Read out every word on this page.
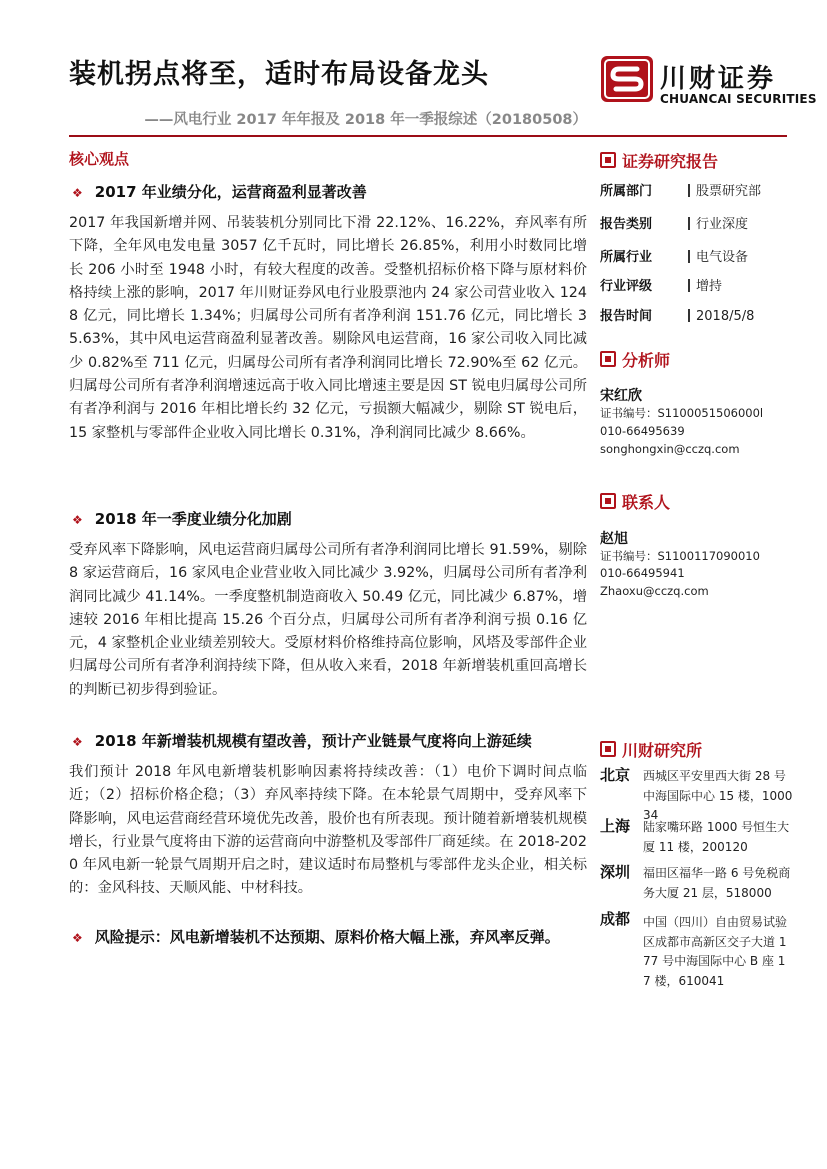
装机拐点将至，适时布局设备龙头
——风电行业 2017 年年报及 2018 年一季报综述（20180508）
川财证券
CHUANCAI SECURITIES
核心观点
❖ 2017 年业绩分化，运营商盈利显著改善

2017 年我国新增并网、吊装装机分别同比下滑 22.12%、16.22%，弃风率有所下降，全年风电发电量 3057 亿千瓦时，同比增长 26.85%，利用小时数同比增长 206 小时至 1948 小时，有较大程度的改善。受整机招标价格下降与原材料价格持续上涨的影响，2017 年川财证券风电行业股票池内 24 家公司营业收入 1248 亿元，同比增长 1.34%；归属母公司所有者净利润 151.76 亿元，同比增长 35.63%，其中风电运营商盈利显著改善。剔除风电运营商，16 家公司收入同比减少 0.82%至 711 亿元，归属母公司所有者净利润同比增长 72.90%至 62 亿元。归属母公司所有者净利润增速远高于收入同比增速主要是因 ST 锐电归属母公司所有者净利润与 2016 年相比增长约 32 亿元，亏损额大幅减少，剔除 ST 锐电后，15 家整机与零部件企业收入同比增长 0.31%，净利润同比减少 8.66%。

❖ 2018 年一季度业绩分化加剧

受弃风率下降影响，风电运营商归属母公司所有者净利润同比增长 91.59%，剔除 8 家运营商后，16 家风电企业营业收入同比减少 3.92%，归属母公司所有者净利润同比减少 41.14%。一季度整机制造商收入 50.49 亿元，同比减少 6.87%，增速较 2016 年相比提高 15.26 个百分点，归属母公司所有者净利润亏损 0.16 亿元，4 家整机企业业绩差别较大。受原材料价格维持高位影响，风塔及零部件企业归属母公司所有者净利润持续下降，但从收入来看，2018 年新增装机重回高增长的判断已初步得到验证。

❖ 2018 年新增装机规模有望改善，预计产业链景气度将向上游延续

我们预计 2018 年风电新增装机影响因素将持续改善：（1）电价下调时间点临近；（2）招标价格企稳；（3）弃风率持续下降。在本轮景气周期中，受弃风率下降影响，风电运营商经营环境优先改善，股价也有所表现。预计随着新增装机规模增长，行业景气度将由下游的运营商向中游整机及零部件厂商延续。在 2018-2020 年风电新一轮景气周期开启之时，建议适时布局整机与零部件龙头企业，相关标的：金风科技、天顺风能、中材科技。

❖ 风险提示：风电新增装机不达预期、原料价格大幅上涨，弃风率反弹。
证券研究报告
所属部门	股票研究部
报告类别	行业深度
所属行业	电气设备
行业评级	增持
报告时间	2018/5/8
分析师
宋红欣
证书编号：S1100051506000l
010-66495639
songhongxin@cczq.com
联系人
赵旭
证书编号：S1100117090010
010-66495941
Zhaoxu@cczq.com
川财研究所
北京 西城区平安里西大街 28 号中海国际中心 15 楼，100034
上海 陆家嘴环路 1000 号恒生大厦 11 楼，200120
深圳 福田区福华一路 6 号免税商务大厦 21 层，518000
成都 中国（四川）自由贸易试验区成都市高新区交子大道 177 号中海国际中心 B 座 17 楼，610041
